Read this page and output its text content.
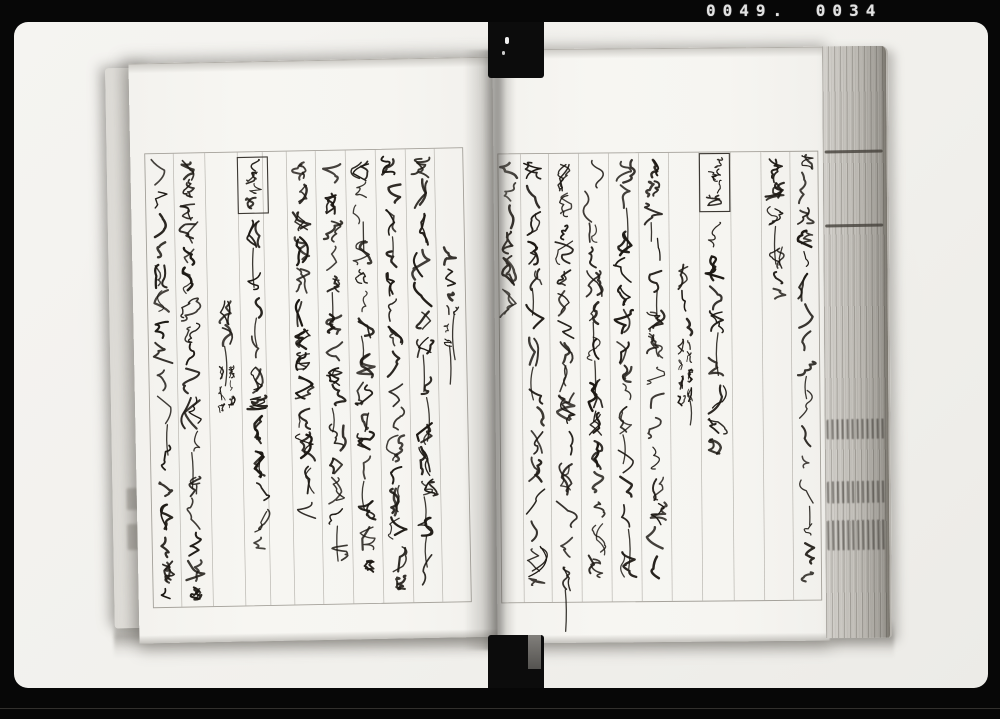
0049. 0034
